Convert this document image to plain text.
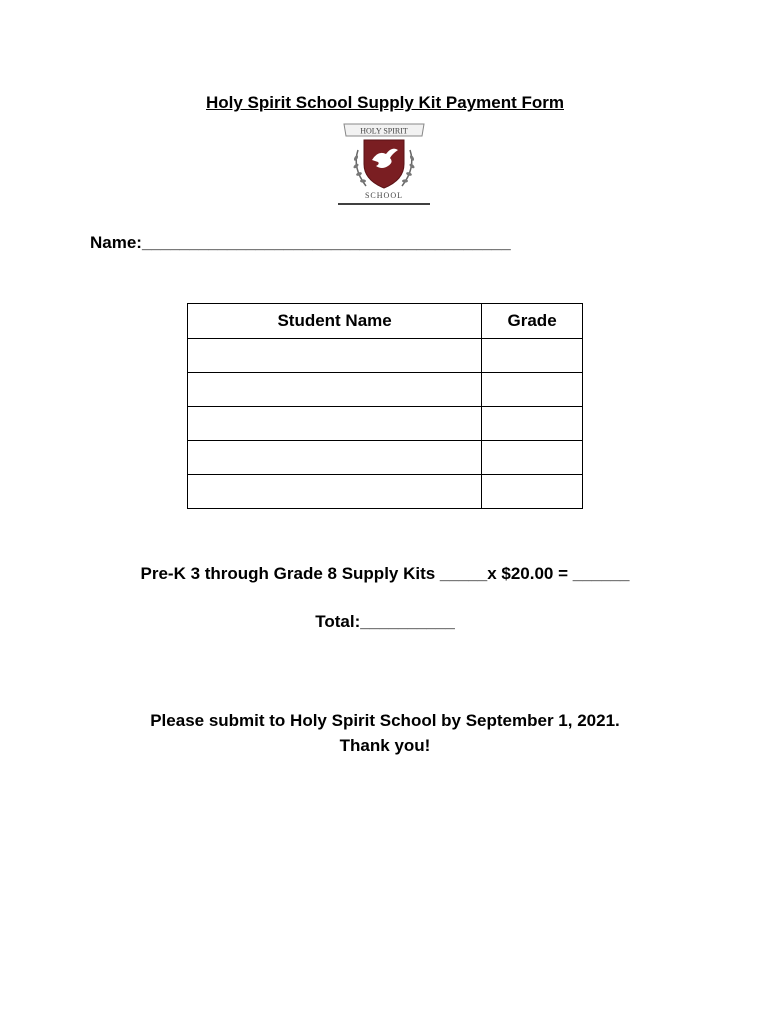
Holy Spirit School Supply Kit Payment Form
HOLY SPIRIT
SCHOOL
Name:_______________________________________
Student Name	Grade

Pre-K 3 through Grade 8 Supply Kits _____x $20.00 = ______
Total:__________
Please submit to Holy Spirit School by September 1, 2021.
Thank you!
